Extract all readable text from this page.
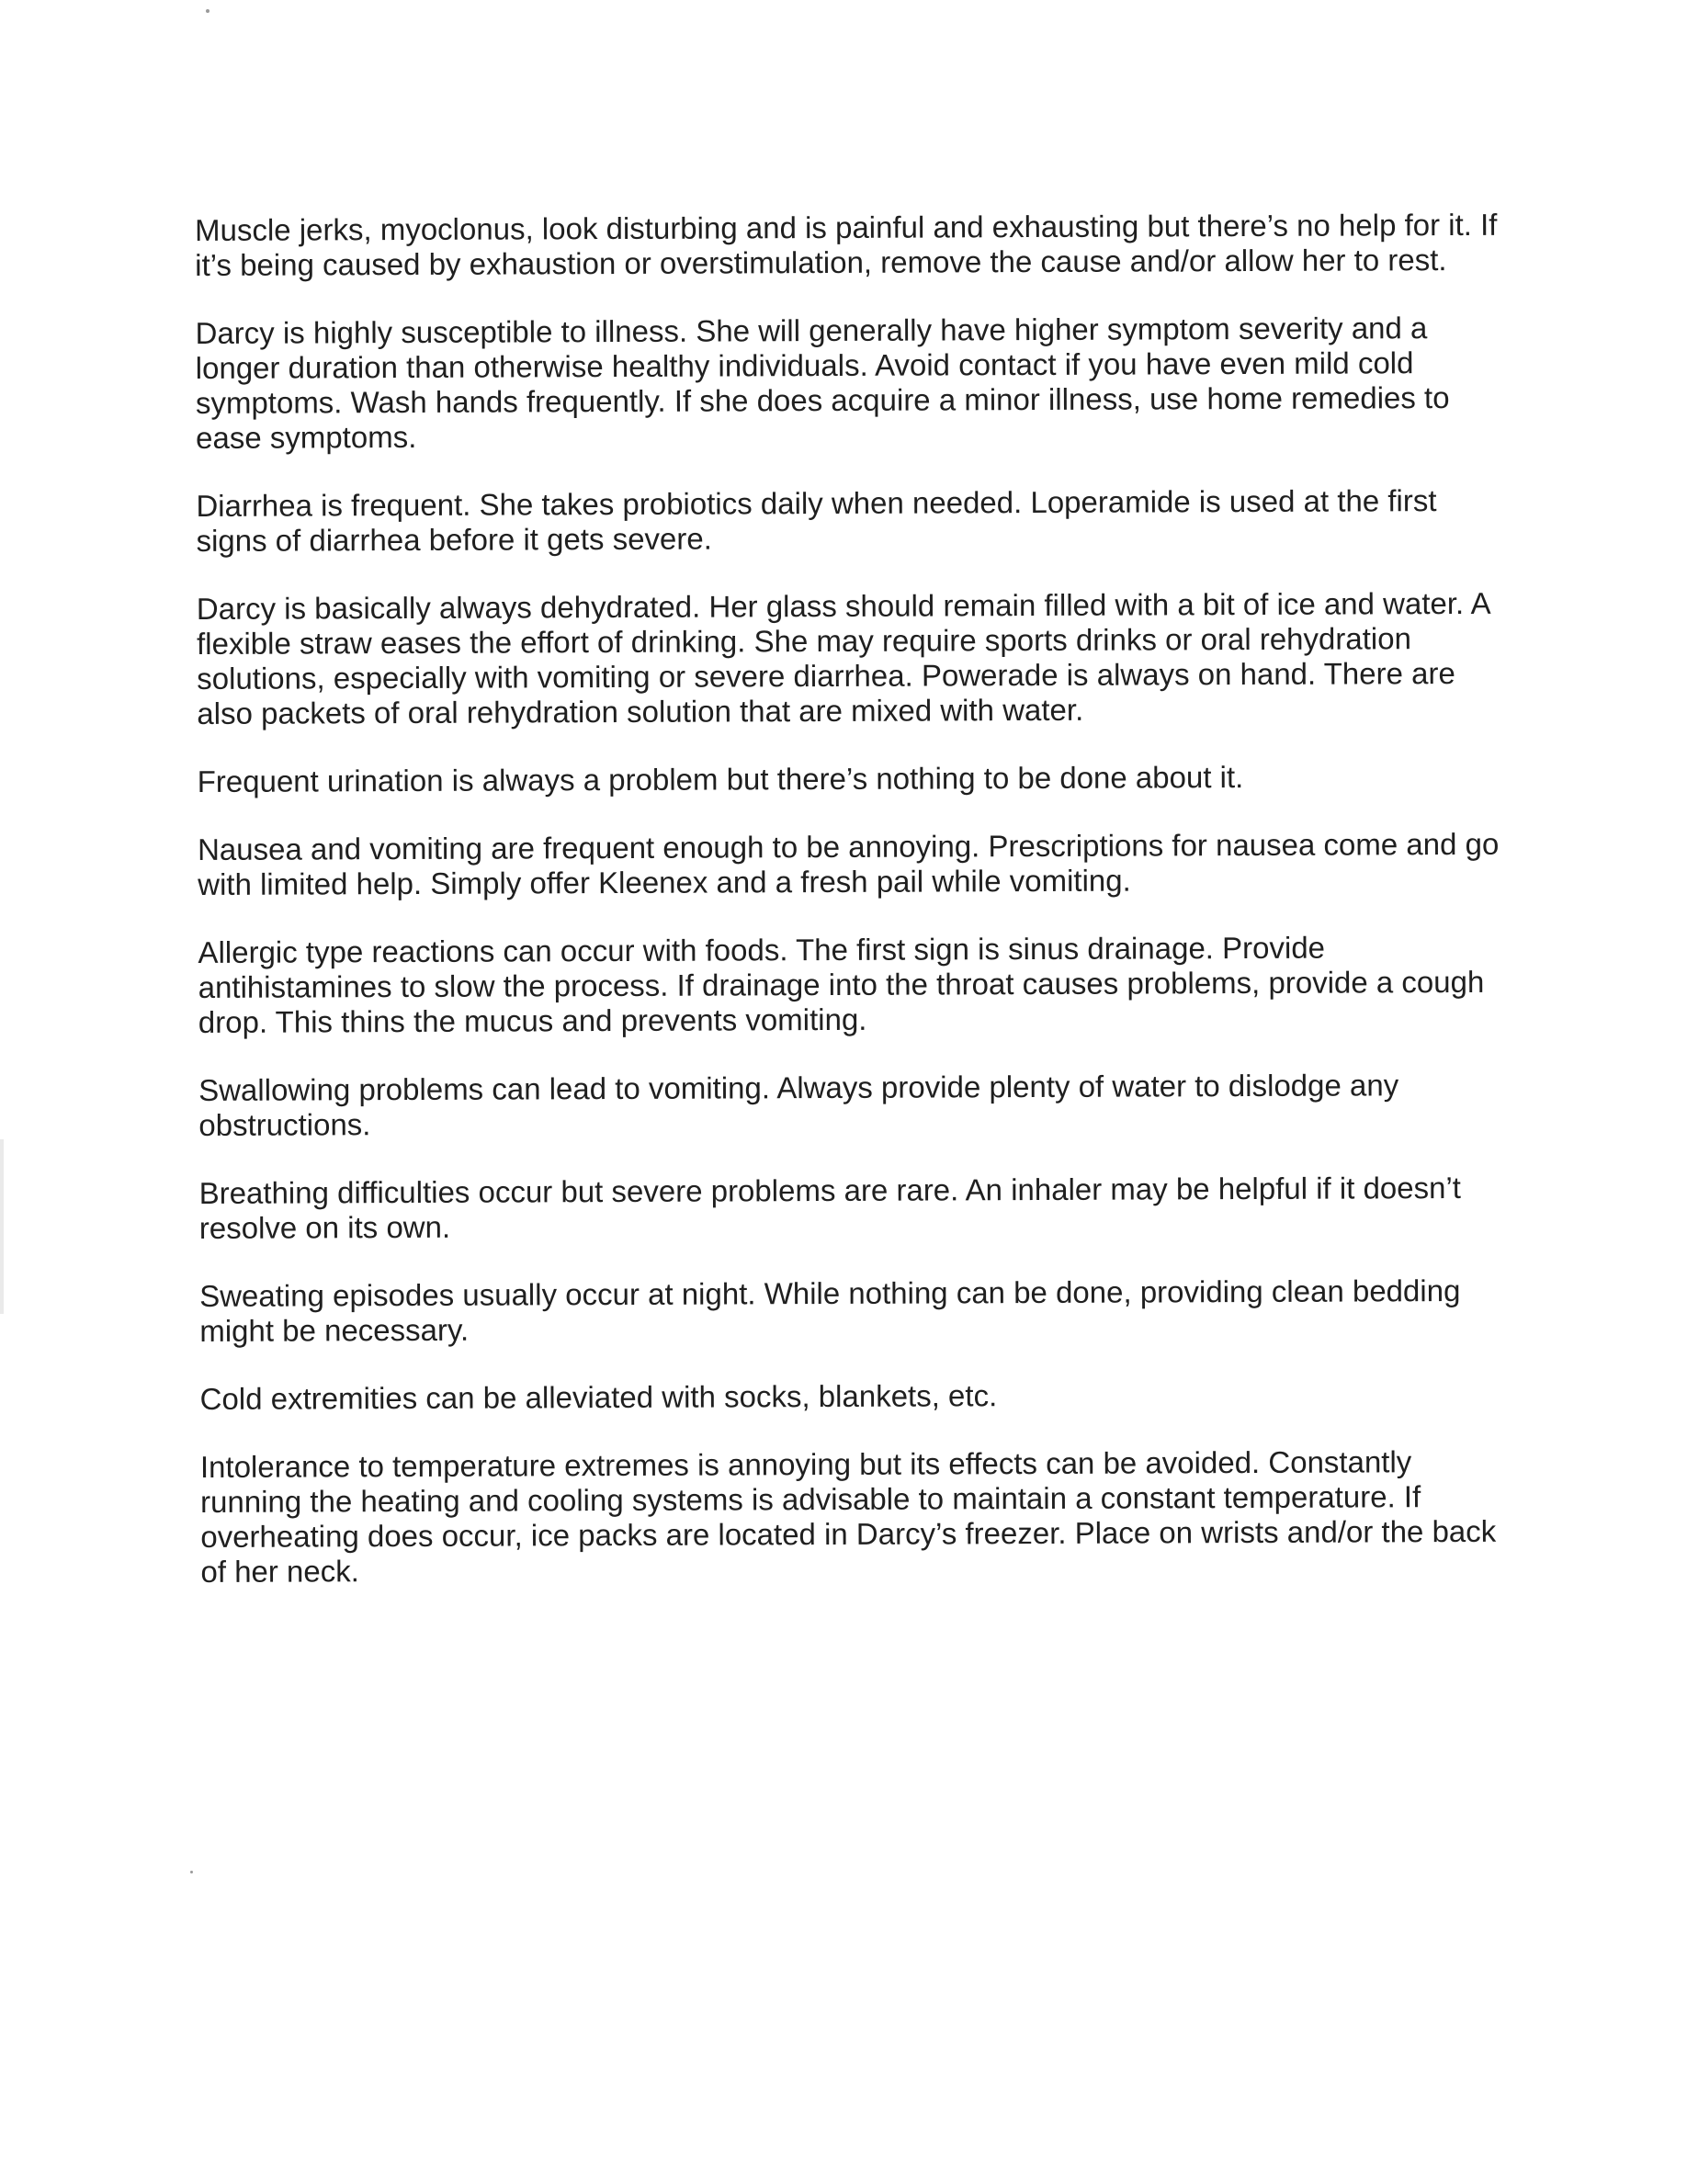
Muscle jerks, myoclonus, look disturbing and is painful and exhausting but there’s no help for it. If it’s being caused by exhaustion or overstimulation, remove the cause and/or allow her to rest.

Darcy is highly susceptible to illness. She will generally have higher symptom severity and a longer duration than otherwise healthy individuals. Avoid contact if you have even mild cold symptoms. Wash hands frequently. If she does acquire a minor illness, use home remedies to ease symptoms.

Diarrhea is frequent. She takes probiotics daily when needed. Loperamide is used at the first signs of diarrhea before it gets severe.

Darcy is basically always dehydrated. Her glass should remain filled with a bit of ice and water. A flexible straw eases the effort of drinking. She may require sports drinks or oral rehydration solutions, especially with vomiting or severe diarrhea. Powerade is always on hand. There are also packets of oral rehydration solution that are mixed with water.

Frequent urination is always a problem but there’s nothing to be done about it.

Nausea and vomiting are frequent enough to be annoying. Prescriptions for nausea come and go with limited help. Simply offer Kleenex and a fresh pail while vomiting.

Allergic type reactions can occur with foods. The first sign is sinus drainage. Provide antihistamines to slow the process. If drainage into the throat causes problems, provide a cough drop. This thins the mucus and prevents vomiting.

Swallowing problems can lead to vomiting. Always provide plenty of water to dislodge any obstructions.

Breathing difficulties occur but severe problems are rare. An inhaler may be helpful if it doesn’t resolve on its own.

Sweating episodes usually occur at night. While nothing can be done, providing clean bedding might be necessary.

Cold extremities can be alleviated with socks, blankets, etc.

Intolerance to temperature extremes is annoying but its effects can be avoided. Constantly running the heating and cooling systems is advisable to maintain a constant temperature. If overheating does occur, ice packs are located in Darcy’s freezer. Place on wrists and/or the back of her neck.
